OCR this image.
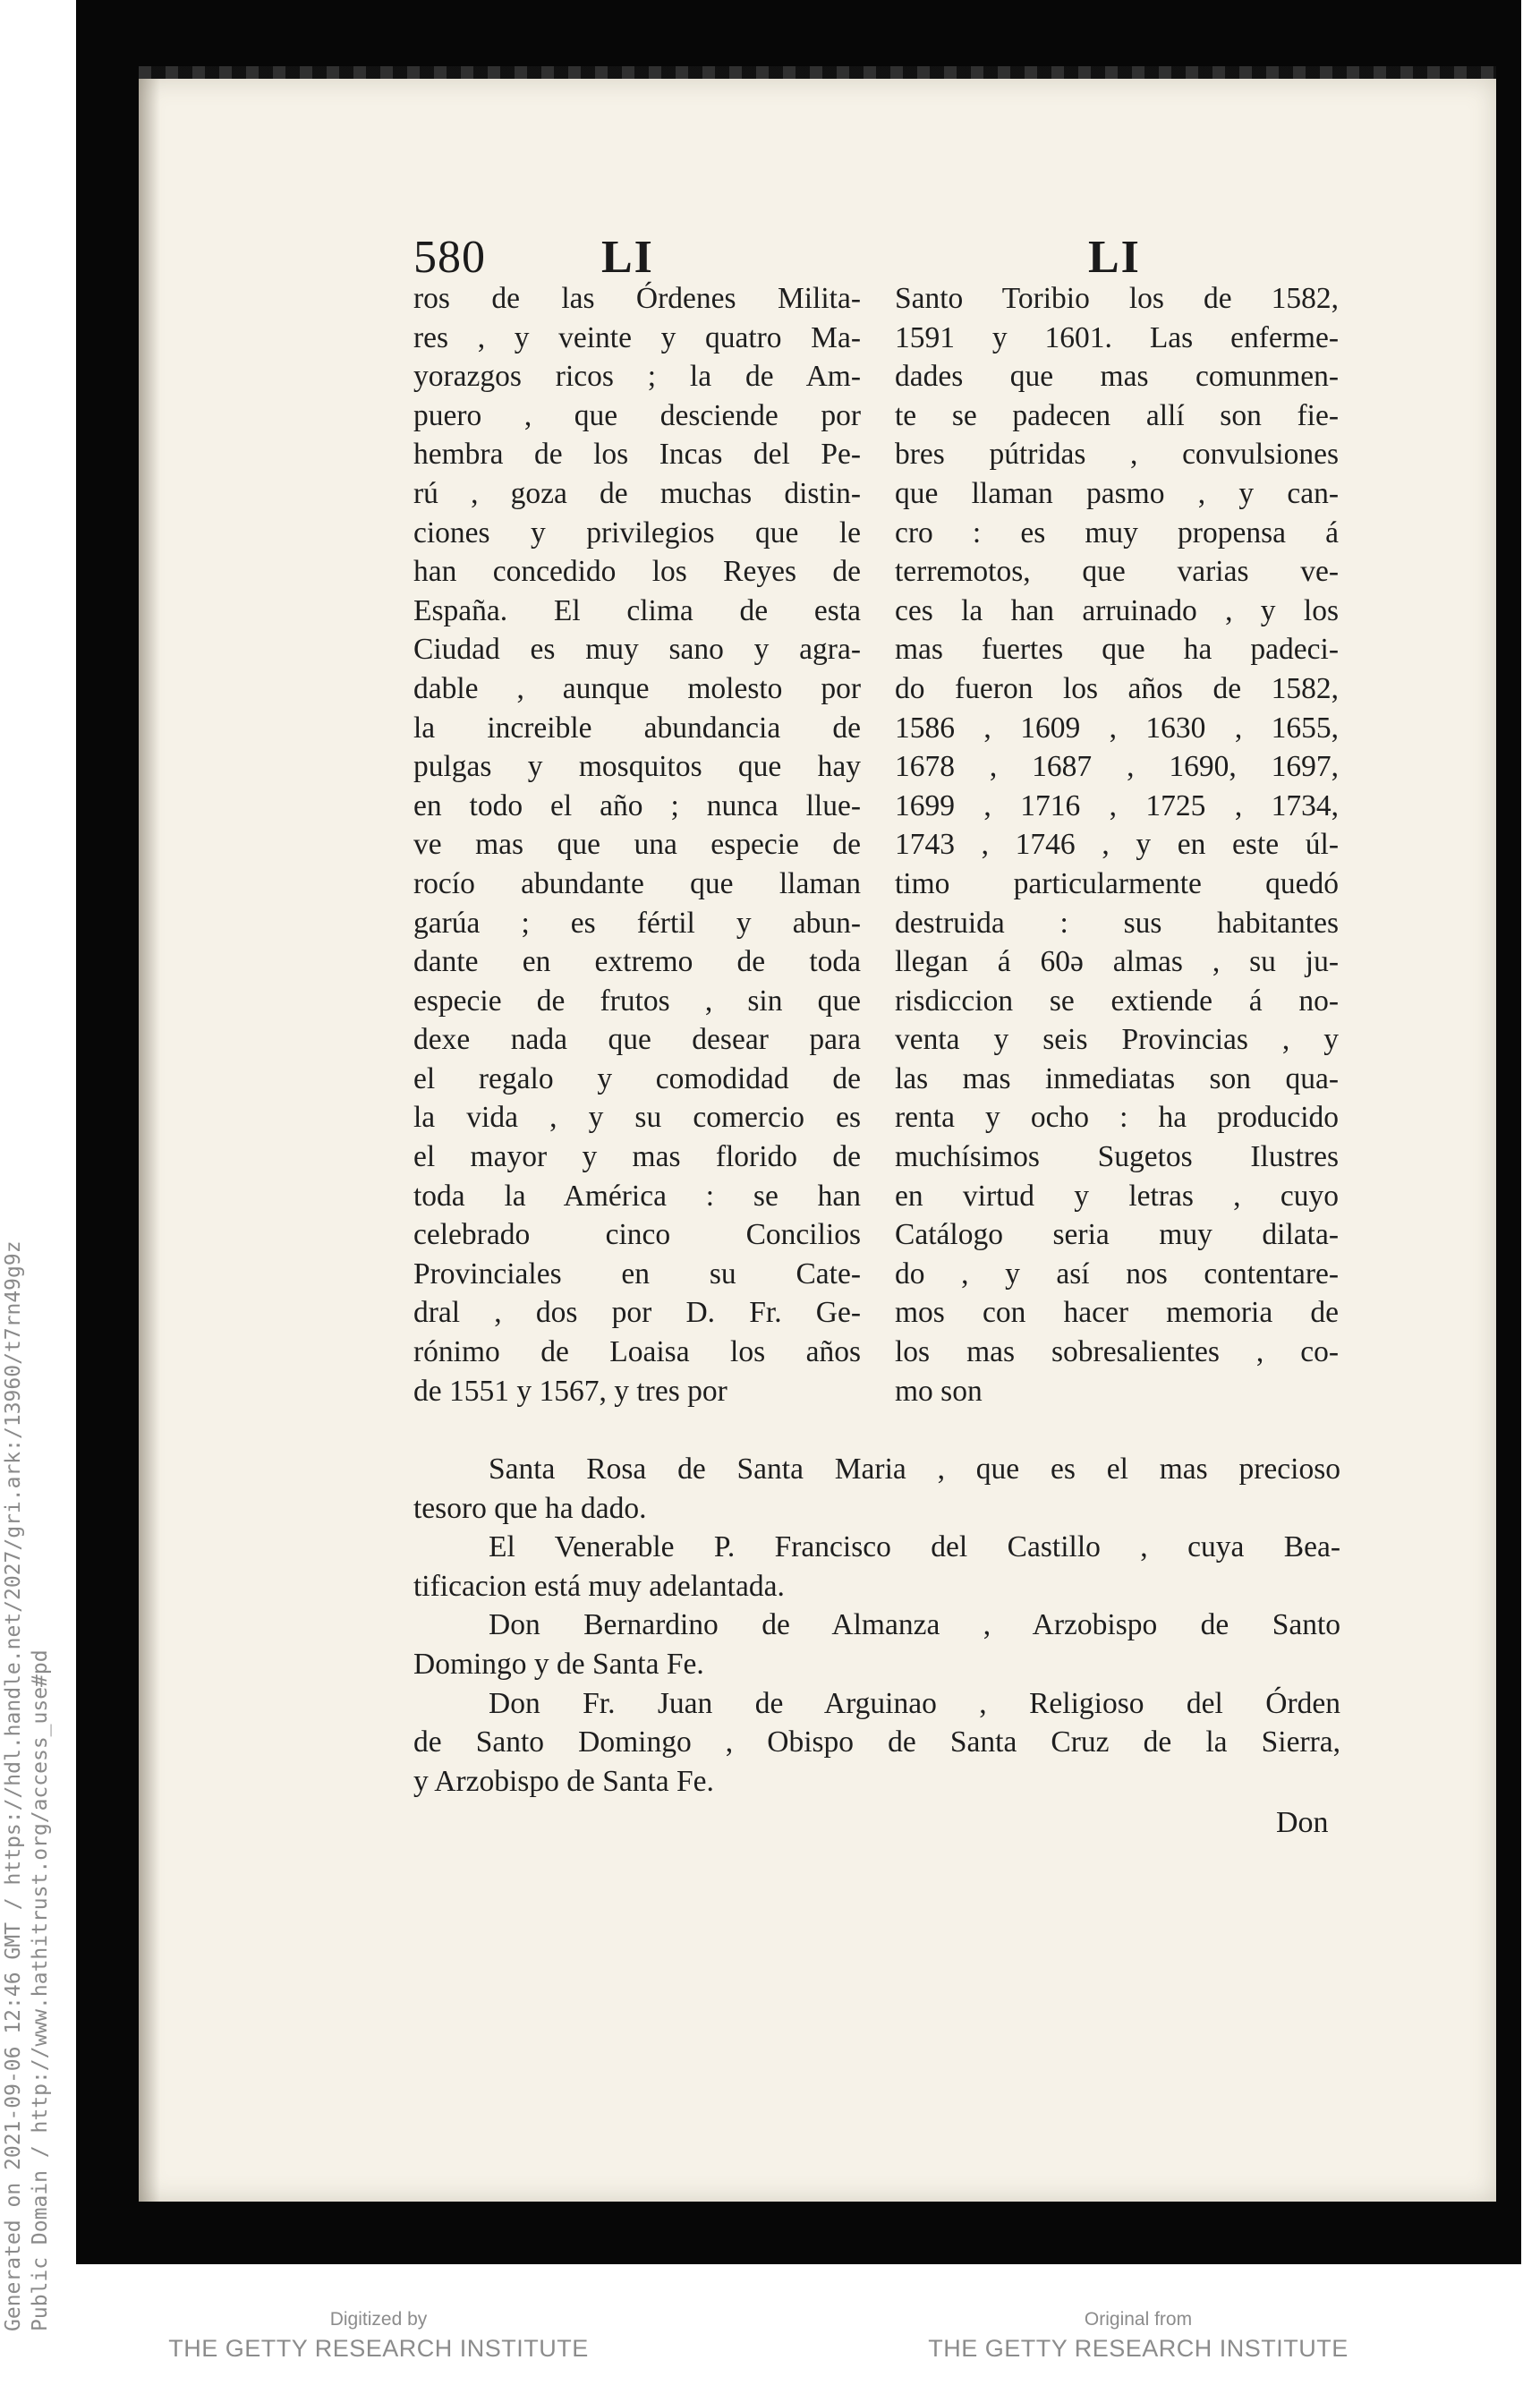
580 LI	LI
ros de las Órdenes Milita-
res , y veinte y quatro Ma-
yorazgos ricos ; la de Am-
puero , que desciende por
hembra de los Incas del Pe-
rú , goza de muchas distin-
ciones y privilegios que le
han concedido los Reyes de
España. El clima de esta
Ciudad es muy sano y agra-
dable , aunque molesto por
la increible abundancia de
pulgas y mosquitos que hay
en todo el año ; nunca llue-
ve mas que una especie de
rocío abundante que llaman
garúa ; es fértil y abun-
dante en extremo de toda
especie de frutos , sin que
dexe nada que desear para
el regalo y comodidad de
la vida , y su comercio es
el mayor y mas florido de
toda la América : se han
celebrado cinco Concilios
Provinciales en su Cate-
dral , dos por D. Fr. Ge-
rónimo de Loaisa los años
de 1551 y 1567, y tres por
Santo Toribio los de 1582,
1591 y 1601. Las enferme-
dades que mas comunmen-
te se padecen allí son fie-
bres pútridas , convulsiones
que llaman pasmo , y can-
cro : es muy propensa á
terremotos, que varias ve-
ces la han arruinado , y los
mas fuertes que ha padeci-
do fueron los años de 1582,
1586 , 1609 , 1630 , 1655,
1678 , 1687 , 1690, 1697,
1699 , 1716 , 1725 , 1734,
1743 , 1746 , y en este úl-
timo particularmente quedó
destruida : sus habitantes
llegan á 60ə almas , su ju-
risdiccion se extiende á no-
venta y seis Provincias , y
las mas inmediatas son qua-
renta y ocho : ha producido
muchísimos Sugetos Ilustres
en virtud y letras , cuyo
Catálogo seria muy dilata-
do , y así nos contentare-
mos con hacer memoria de
los mas sobresalientes , co-
mo son
Santa Rosa de Santa Maria , que es el mas precioso
tesoro que ha dado.
El Venerable P. Francisco del Castillo , cuya Bea-
tificacion está muy adelantada.
Don Bernardino de Almanza , Arzobispo de Santo
Domingo y de Santa Fe.
Don Fr. Juan de Arguinao , Religioso del Órden
de Santo Domingo , Obispo de Santa Cruz de la Sierra,
y Arzobispo de Santa Fe.
Don
Generated on 2021-09-06 12:46 GMT / https://hdl.handle.net/2027/gri.ark:/13960/t7rn49g9z Public Domain / http://www.hathitrust.org/access_use#pd	Digitized by
THE GETTY RESEARCH INSTITUTE
Original from
THE GETTY RESEARCH INSTITUTE
